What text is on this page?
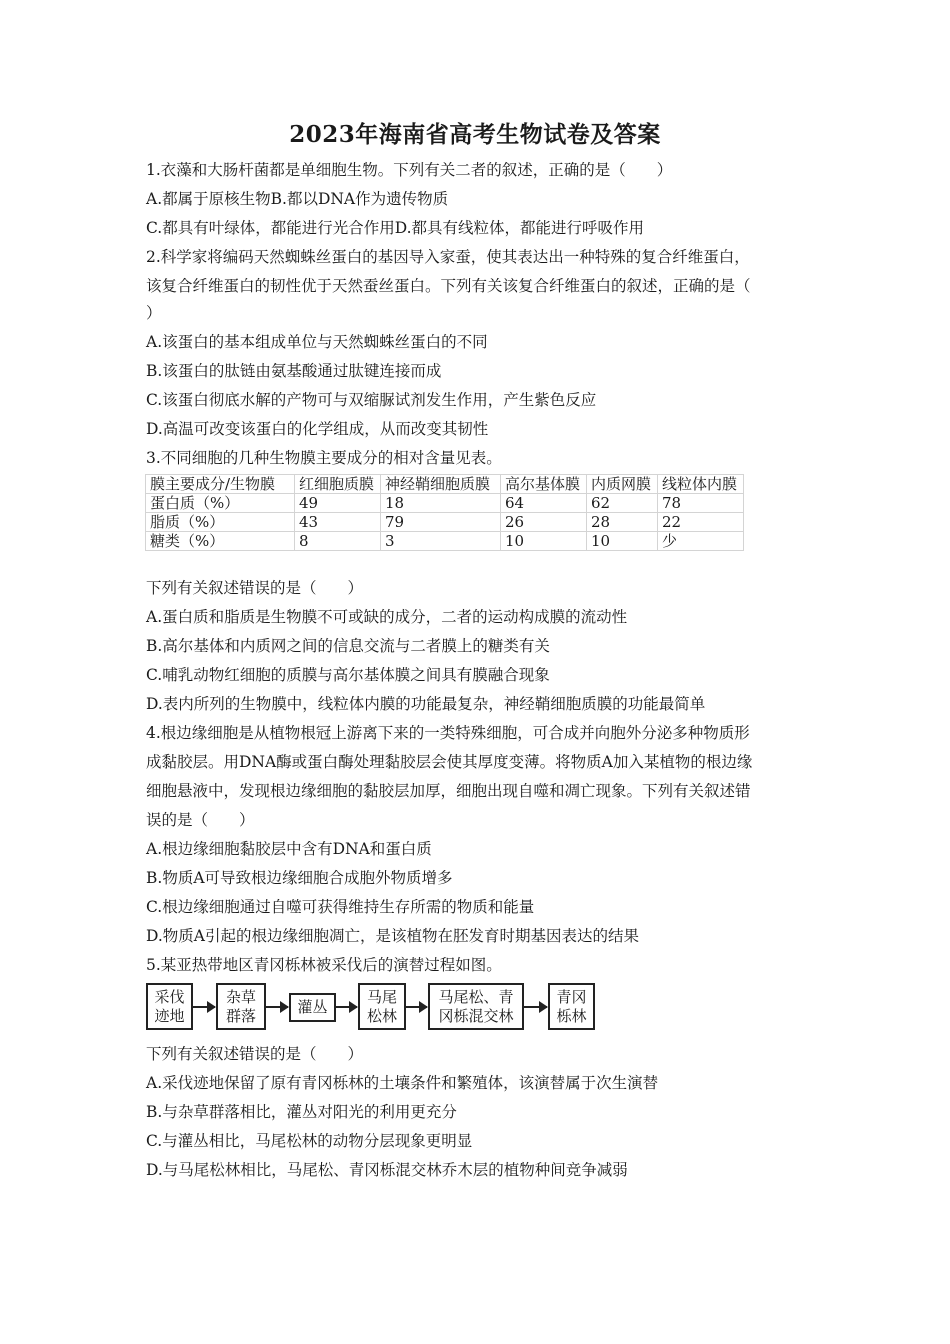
2023年海南省高考生物试卷及答案
1.衣藻和大肠杆菌都是单细胞生物。下列有关二者的叙述，正确的是（　　）
A.都属于原核生物B.都以DNA作为遗传物质
C.都具有叶绿体，都能进行光合作用D.都具有线粒体，都能进行呼吸作用
2.科学家将编码天然蜘蛛丝蛋白的基因导入家蚕，使其表达出一种特殊的复合纤维蛋白，
该复合纤维蛋白的韧性优于天然蚕丝蛋白。下列有关该复合纤维蛋白的叙述，正确的是（
）
A.该蛋白的基本组成单位与天然蜘蛛丝蛋白的不同
B.该蛋白的肽链由氨基酸通过肽键连接而成
C.该蛋白彻底水解的产物可与双缩脲试剂发生作用，产生紫色反应
D.高温可改变该蛋白的化学组成，从而改变其韧性
3.不同细胞的几种生物膜主要成分的相对含量见表。
膜主要成分/生物膜	红细胞质膜	神经鞘细胞质膜	高尔基体膜	内质网膜	线粒体内膜
蛋白质（%）	49	18	64	62	78
脂质（%）	43	79	26	28	22
糖类（%）	8	3	10	10	少
下列有关叙述错误的是（　　）
A.蛋白质和脂质是生物膜不可或缺的成分，二者的运动构成膜的流动性
B.高尔基体和内质网之间的信息交流与二者膜上的糖类有关
C.哺乳动物红细胞的质膜与高尔基体膜之间具有膜融合现象
D.表内所列的生物膜中，线粒体内膜的功能最复杂，神经鞘细胞质膜的功能最简单
4.根边缘细胞是从植物根冠上游离下来的一类特殊细胞，可合成并向胞外分泌多种物质形
成黏胶层。用DNA酶或蛋白酶处理黏胶层会使其厚度变薄。将物质A加入某植物的根边缘
细胞悬液中，发现根边缘细胞的黏胶层加厚，细胞出现自噬和凋亡现象。下列有关叙述错
误的是（　　）
A.根边缘细胞黏胶层中含有DNA和蛋白质
B.物质A可导致根边缘细胞合成胞外物质增多
C.根边缘细胞通过自噬可获得维持生存所需的物质和能量
D.物质A引起的根边缘细胞凋亡，是该植物在胚发育时期基因表达的结果
5.某亚热带地区青冈栎林被采伐后的演替过程如图。
采伐
迹地
杂草
群落	灌丛
马尾
松林
马尾松、青
冈栎混交林
青冈
栎林
下列有关叙述错误的是（　　）
A.采伐迹地保留了原有青冈栎林的土壤条件和繁殖体，该演替属于次生演替
B.与杂草群落相比，灌丛对阳光的利用更充分
C.与灌丛相比，马尾松林的动物分层现象更明显
D.与马尾松林相比，马尾松、青冈栎混交林乔木层的植物种间竞争减弱
